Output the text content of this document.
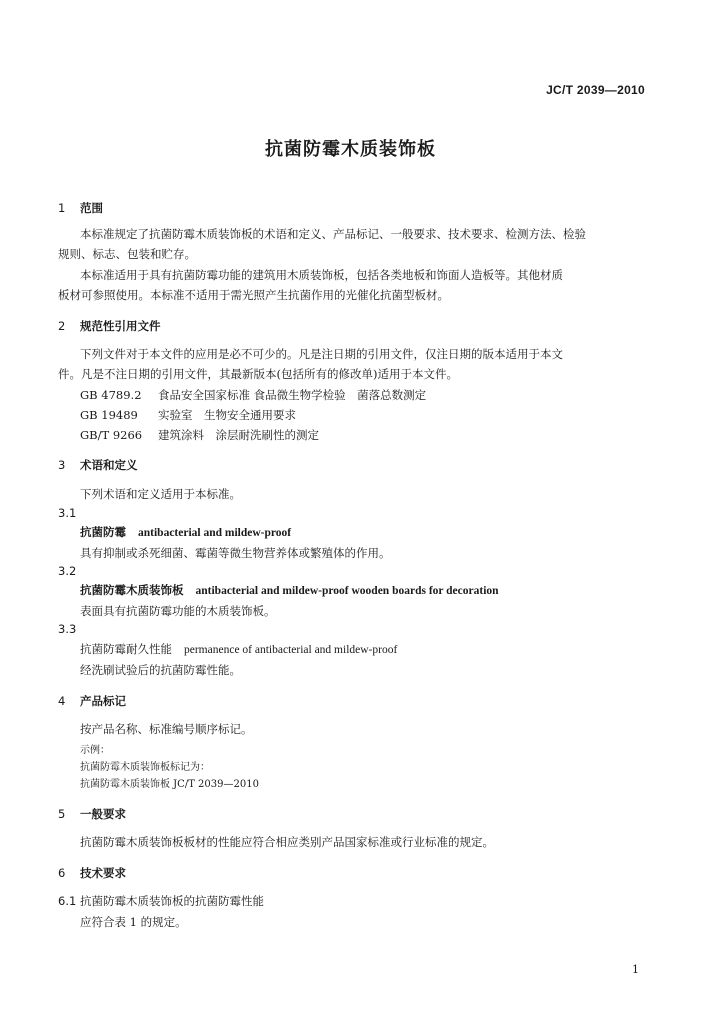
JC/T 2039—2010
抗菌防霉木质装饰板
1 范围
本标准规定了抗菌防霉木质装饰板的术语和定义、产品标记、一般要求、技术要求、检测方法、检验
规则、标志、包装和贮存。
本标准适用于具有抗菌防霉功能的建筑用木质装饰板，包括各类地板和饰面人造板等。其他材质
板材可参照使用。本标准不适用于需光照产生抗菌作用的光催化抗菌型板材。
2 规范性引用文件
下列文件对于本文件的应用是必不可少的。凡是注日期的引用文件，仅注日期的版本适用于本文
件。凡是不注日期的引用文件，其最新版本(包括所有的修改单)适用于本文件。
GB 4789.2 食品安全国家标准 食品微生物学检验　菌落总数测定
GB 19489 实验室　生物安全通用要求
GB/T 9266 建筑涂料　涂层耐洗刷性的测定
3 术语和定义
下列术语和定义适用于本标准。
3.1
抗菌防霉 antibacterial and mildew-proof
具有抑制或杀死细菌、霉菌等微生物营养体或繁殖体的作用。
3.2
抗菌防霉木质装饰板 antibacterial and mildew-proof wooden boards for decoration
表面具有抗菌防霉功能的木质装饰板。
3.3
抗菌防霉耐久性能 permanence of antibacterial and mildew-proof
经洗刷试验后的抗菌防霉性能。
4 产品标记
按产品名称、标准编号顺序标记。
示例：
抗菌防霉木质装饰板标记为：
抗菌防霉木质装饰板 JC/T 2039—2010
5 一般要求
抗菌防霉木质装饰板板材的性能应符合相应类别产品国家标准或行业标准的规定。
6 技术要求
6.1 抗菌防霉木质装饰板的抗菌防霉性能
应符合表 1 的规定。
1
